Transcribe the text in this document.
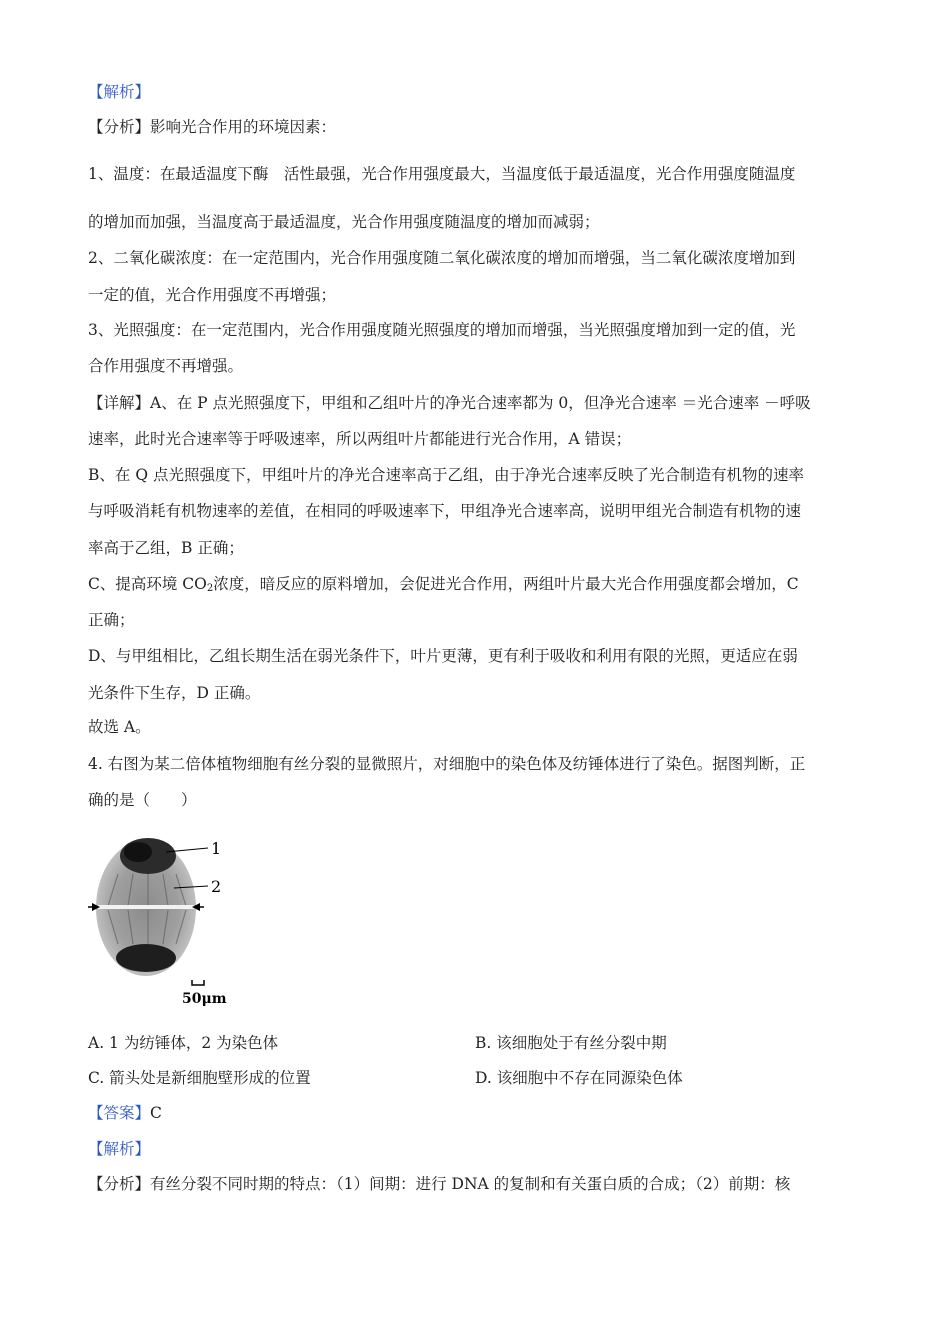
【解析】
【分析】影响光合作用的环境因素：
1、温度：在最适温度下酶　活性最强，光合作用强度最大，当温度低于最适温度，光合作用强度随温度
的增加而加强，当温度高于最适温度，光合作用强度随温度的增加而减弱；
2、二氧化碳浓度：在一定范围内，光合作用强度随二氧化碳浓度的增加而增强，当二氧化碳浓度增加到
一定的值，光合作用强度不再增强；
3、光照强度：在一定范围内，光合作用强度随光照强度的增加而增强，当光照强度增加到一定的值，光
合作用强度不再增强。
【详解】A、在 P 点光照强度下，甲组和乙组叶片的净光合速率都为 0，但净光合速率 ＝光合速率 －呼吸
速率，此时光合速率等于呼吸速率，所以两组叶片都能进行光合作用，A 错误；
B、在 Q 点光照强度下，甲组叶片的净光合速率高于乙组，由于净光合速率反映了光合制造有机物的速率
与呼吸消耗有机物速率的差值，在相同的呼吸速率下，甲组净光合速率高，说明甲组光合制造有机物的速
率高于乙组，B 正确；
C、提高环境 $CO_2$浓度，暗反应的原料增加，会促进光合作用，两组叶片最大光合作用强度都会增加，C
正确；
D、与甲组相比，乙组长期生活在弱光条件下，叶片更薄，更有利于吸收和利用有限的光照，更适应在弱
光条件下生存，D 正确。
故选 A。
4. 右图为某二倍体植物细胞有丝分裂的显微照片，对细胞中的染色体及纺锤体进行了染色。据图判断，正
确的是（　　）
1
2
50μm
A. 1 为纺锤体，2 为染色体	B. 该细胞处于有丝分裂中期
C. 箭头处是新细胞壁形成的位置	D. 该细胞中不存在同源染色体
【答案】C
【解析】
【分析】有丝分裂不同时期的特点：（1）间期：进行 DNA 的复制和有关蛋白质的合成；（2）前期：核
